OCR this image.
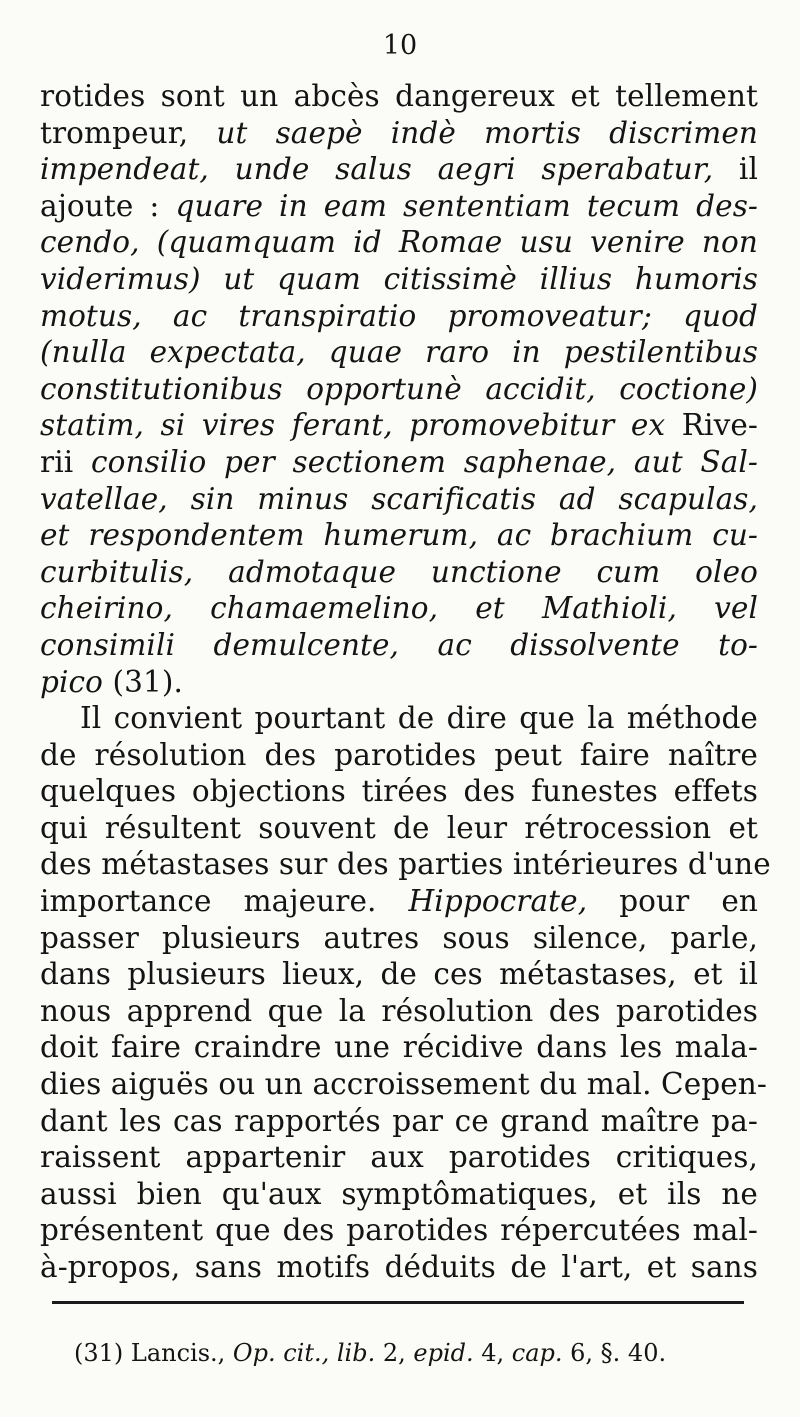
10
rotides sont un abcès dangereux et tellement
trompeur, ut saepè indè mortis discrimen
impendeat, unde salus aegri sperabatur, il
ajoute : quare in eam sententiam tecum des-
cendo, (quamquam id Romae usu venire non
viderimus) ut quam citissimè illius humoris
motus, ac transpiratio promoveatur; quod
(nulla expectata, quae raro in pestilentibus
constitutionibus opportunè accidit, coctione)
statim, si vires ferant, promovebitur ex Rive-
rii consilio per sectionem saphenae, aut Sal-
vatellae, sin minus scarificatis ad scapulas,
et respondentem humerum, ac brachium cu-
curbitulis, admotaque unctione cum oleo
cheirino, chamaemelino, et Mathioli, vel
consimili demulcente, ac dissolvente to-
pico (31).
Il convient pourtant de dire que la méthode
de résolution des parotides peut faire naître
quelques objections tirées des funestes effets
qui résultent souvent de leur rétrocession et
des métastases sur des parties intérieures d'une
importance majeure. Hippocrate, pour en
passer plusieurs autres sous silence, parle,
dans plusieurs lieux, de ces métastases, et il
nous apprend que la résolution des parotides
doit faire craindre une récidive dans les mala-
dies aiguës ou un accroissement du mal. Cepen-
dant les cas rapportés par ce grand maître pa-
raissent appartenir aux parotides critiques,
aussi bien qu'aux symptômatiques, et ils ne
présentent que des parotides répercutées mal-
à-propos, sans motifs déduits de l'art, et sans
(31) Lancis., Op. cit., lib. 2, epid. 4, cap. 6, §. 40.
